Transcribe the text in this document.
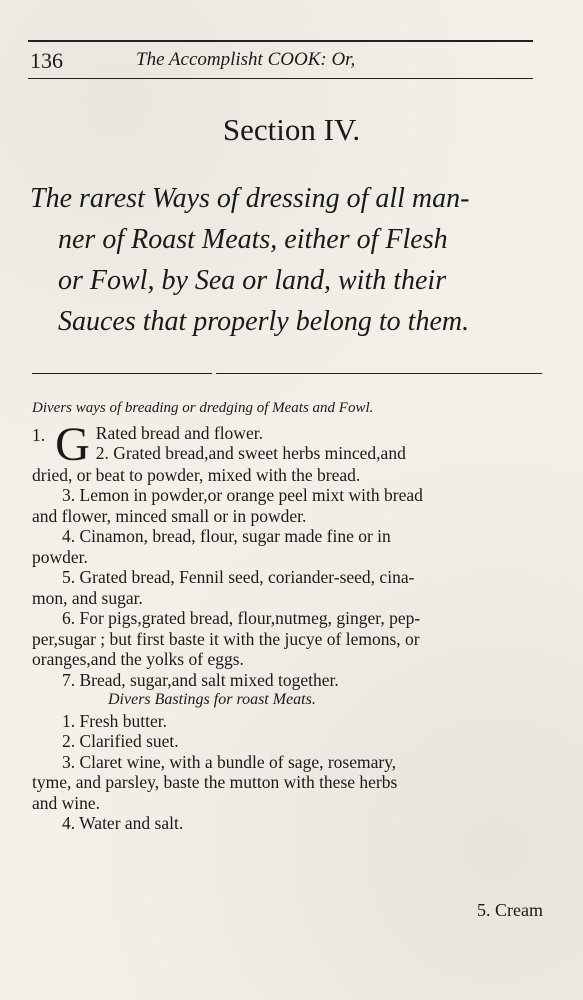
136	The Accomplisht COOK: Or,
Section IV.
The rarest Ways of dressing of all man-
ner of Roast Meats, either of Flesh
or Fowl, by Sea or land, with their
Sauces that properly belong to them.
Divers ways of breading or dredging of Meats and Fowl.
1. G Rated bread and flower.
2. Grated bread,and sweet herbs minced,and
dried, or beat to powder, mixed with the bread.
3. Lemon in powder,or orange peel mixt with bread
and flower, minced small or in powder.
4. Cinamon, bread, flour, sugar made fine or in
powder.
5. Grated bread, Fennil seed, coriander-seed, cina-
mon, and sugar.
6. For pigs,grated bread, flour,nutmeg, ginger, pep-
per,sugar ; but first baste it with the jucye of lemons, or
oranges,and the yolks of eggs.
7. Bread, sugar,and salt mixed together.
Divers Bastings for roast Meats.
1. Fresh butter.
2. Clarified suet.
3. Claret wine, with a bundle of sage, rosemary,
tyme, and parsley, baste the mutton with these herbs
and wine.
4. Water and salt.
5. Cream
